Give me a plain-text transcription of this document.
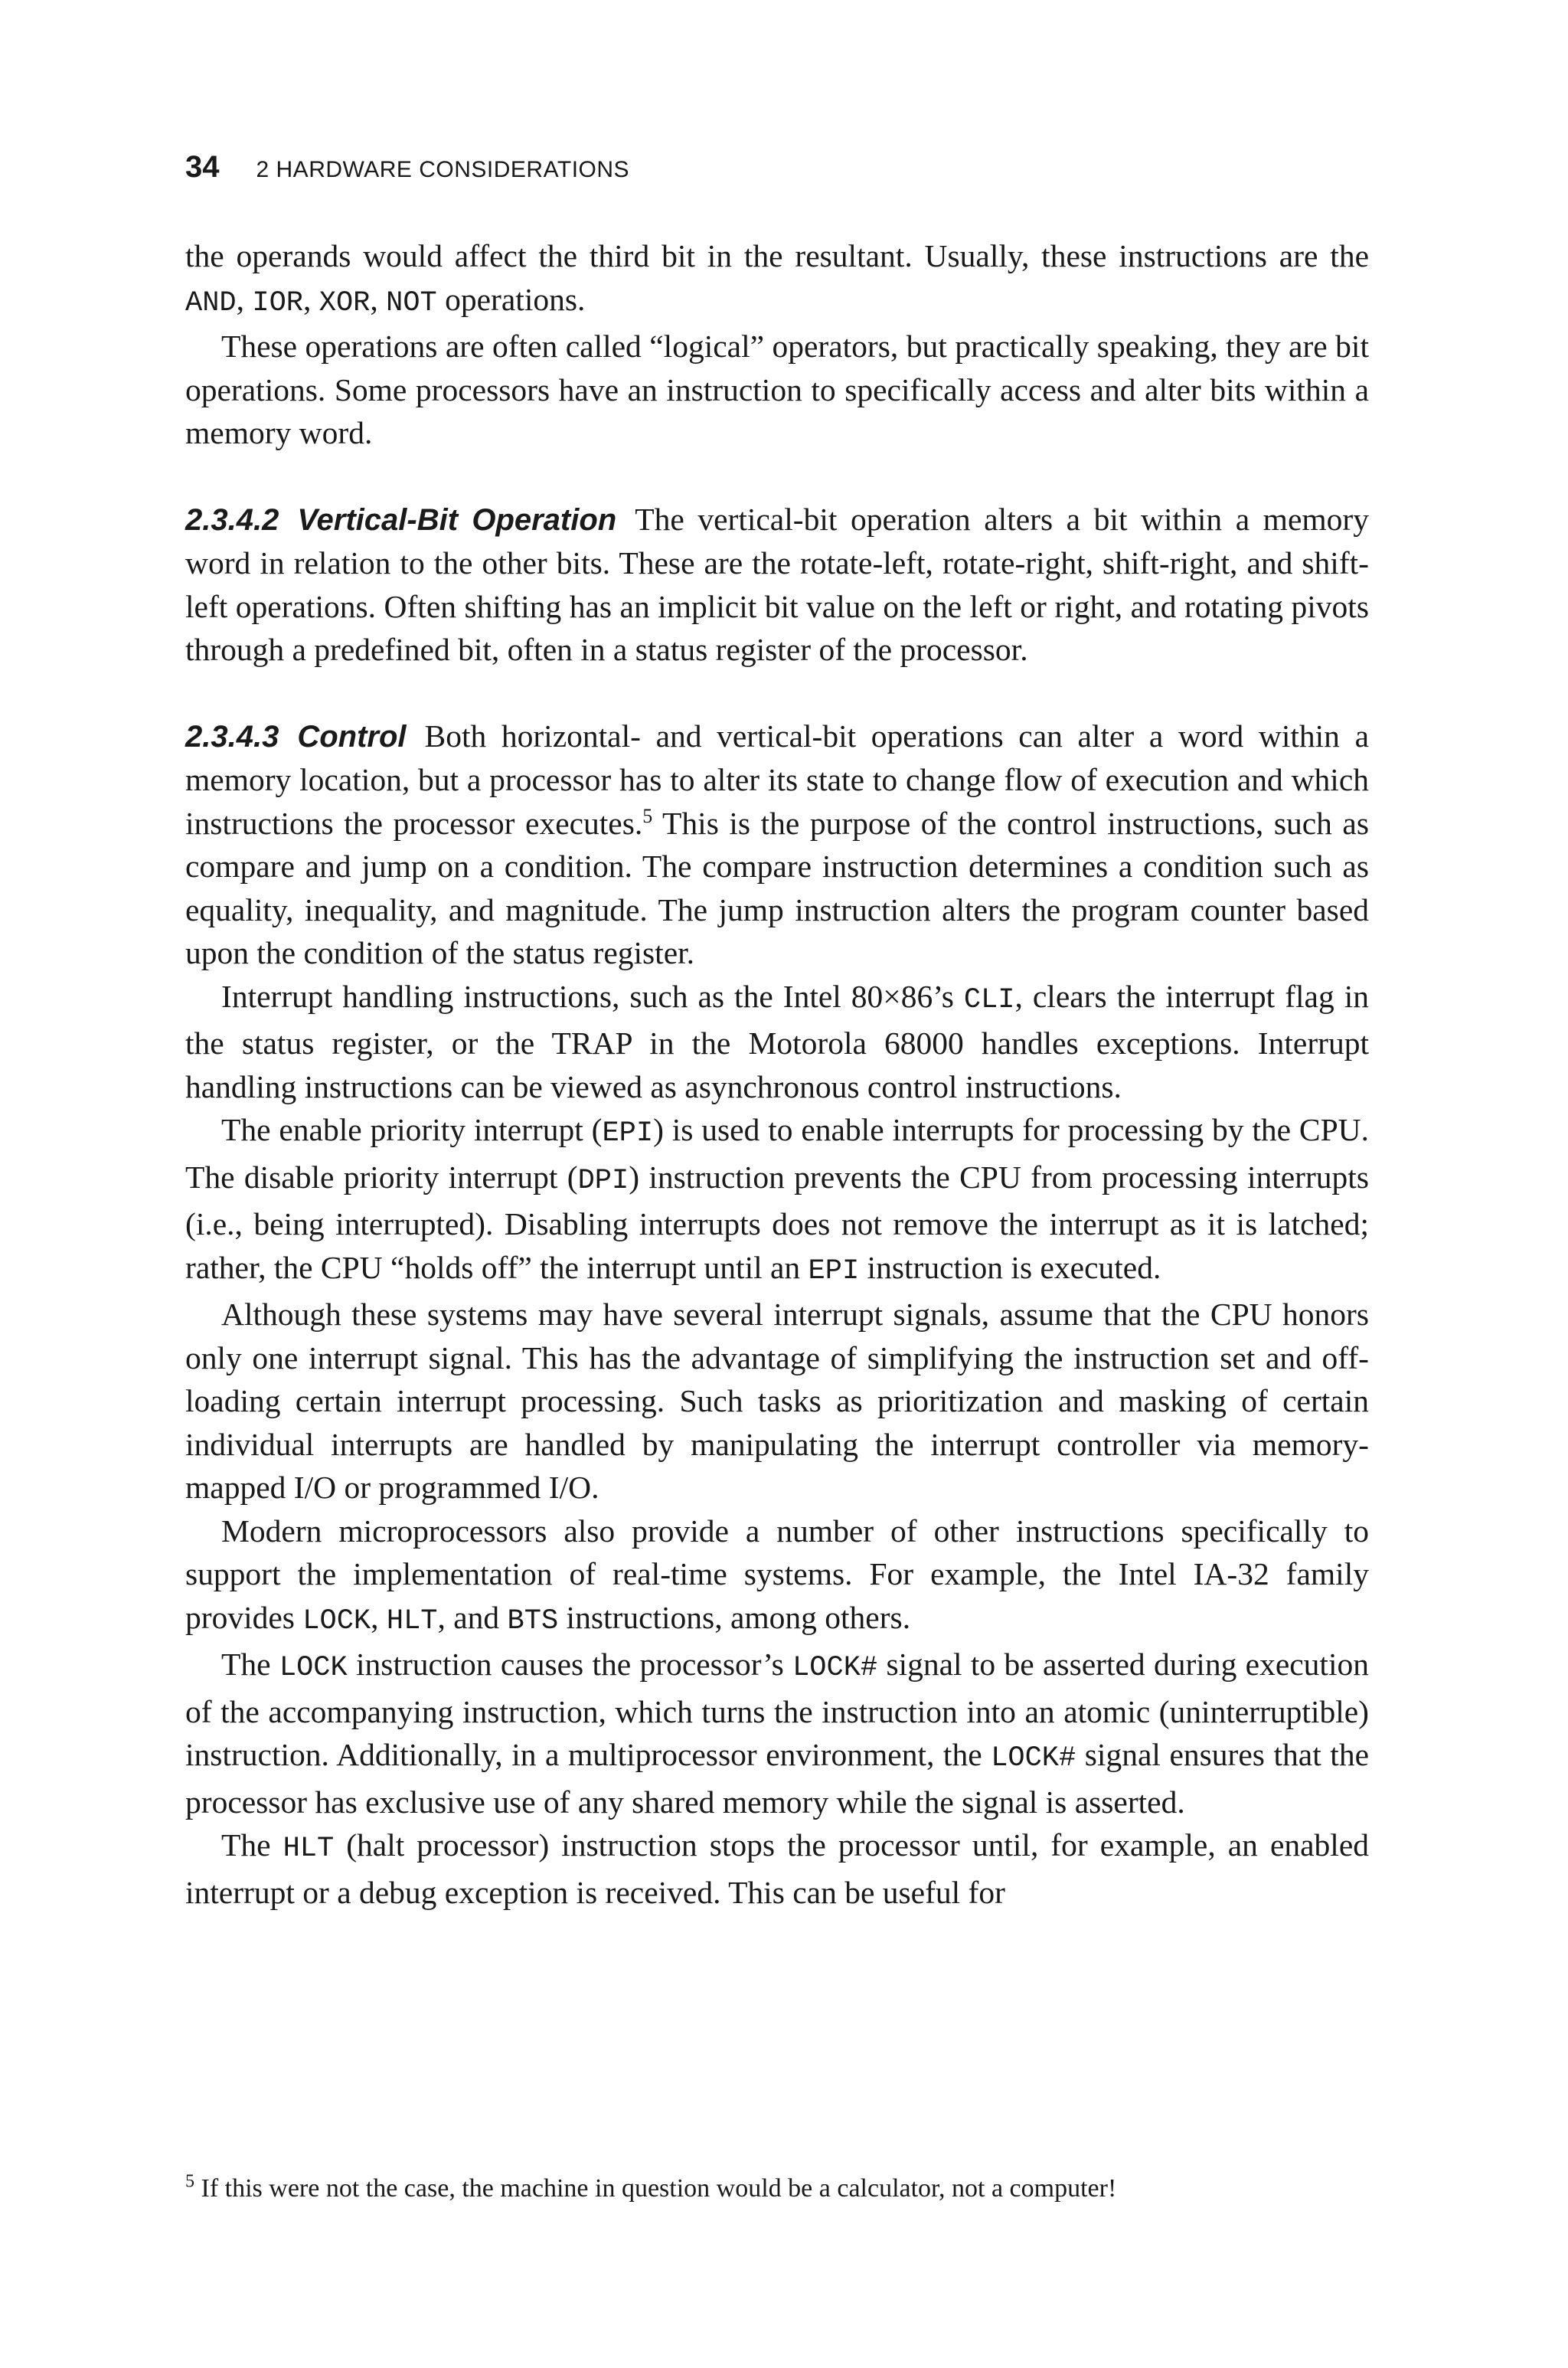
34 2 HARDWARE CONSIDERATIONS

the operands would affect the third bit in the resultant. Usually, these instructions are the AND, IOR, XOR, NOT operations.

These operations are often called “logical” operators, but practically speaking, they are bit operations. Some processors have an instruction to specifically access and alter bits within a memory word.

2.3.4.2 Vertical-Bit Operation The vertical-bit operation alters a bit within a memory word in relation to the other bits. These are the rotate-left, rotate-right, shift-right, and shift-left operations. Often shifting has an implicit bit value on the left or right, and rotating pivots through a predefined bit, often in a status register of the processor.

2.3.4.3 Control Both horizontal- and vertical-bit operations can alter a word within a memory location, but a processor has to alter its state to change flow of execution and which instructions the processor executes.$^5$ This is the purpose of the control instructions, such as compare and jump on a condition. The compare instruction determines a condition such as equality, inequality, and magnitude. The jump instruction alters the program counter based upon the condition of the status register.

Interrupt handling instructions, such as the Intel 80×86’s CLI, clears the interrupt flag in the status register, or the TRAP in the Motorola 68000 handles exceptions. Interrupt handling instructions can be viewed as asynchronous control instructions.

The enable priority interrupt (EPI) is used to enable interrupts for processing by the CPU. The disable priority interrupt (DPI) instruction prevents the CPU from processing interrupts (i.e., being interrupted). Disabling interrupts does not remove the interrupt as it is latched; rather, the CPU “holds off” the interrupt until an EPI instruction is executed.

Although these systems may have several interrupt signals, assume that the CPU honors only one interrupt signal. This has the advantage of simplifying the instruction set and off-loading certain interrupt processing. Such tasks as prioritization and masking of certain individual interrupts are handled by manipulating the interrupt controller via memory-mapped I/O or programmed I/O.

Modern microprocessors also provide a number of other instructions specifically to support the implementation of real-time systems. For example, the Intel IA-32 family provides LOCK, HLT, and BTS instructions, among others.

The LOCK instruction causes the processor’s LOCK# signal to be asserted during execution of the accompanying instruction, which turns the instruction into an atomic (uninterruptible) instruction. Additionally, in a multiprocessor environment, the LOCK# signal ensures that the processor has exclusive use of any shared memory while the signal is asserted.

The HLT (halt processor) instruction stops the processor until, for example, an enabled interrupt or a debug exception is received. This can be useful for

$^5$ If this were not the case, the machine in question would be a calculator, not a computer!
